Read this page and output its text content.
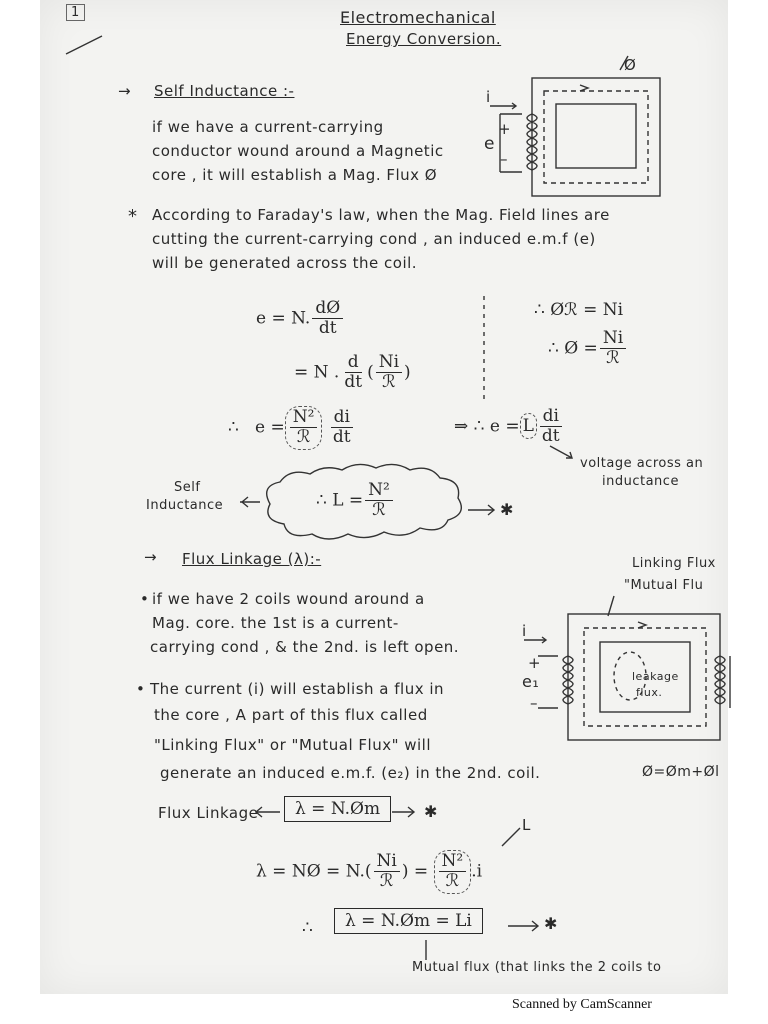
1	Electromechanical
Energy Conversion.
→ Self Inductance :-
if we have a current-carrying
conductor wound around a Magnetic
core , it will establish a Mag. Flux Ø
Ø
i
+
e
–
* According to Faraday's law, when the Mag. Field lines are
cutting the current-carrying cond , an induced e.m.f (e)
will be generated across the coil.
e = N. $\frac{dØ}{dt}$
= N . $\frac{d}{dt}$ ( $\frac{Ni}{\text{ℛ}}$ )
∴ $e = \frac{\text{N²}}{\text{ℛ}}$
$\frac{di}{dt}$
∴ Øℛ = Ni
∴ Ø = $\frac{Ni}{\text{ℛ}}$
⇒ ∴ e = L $\frac{di}{dt}$
voltage across an
inductance
Self
Inductance	∴ $L = \frac{\text{N²}}{\text{ℛ}}$	✱
→ Flux Linkage (λ):-
• if we have 2 coils wound around a
Mag. core. the 1st is a current-
carrying cond , & the 2nd. is left open.
• The current (i) will establish a flux in
the core , A part of this flux called
"Linking Flux" or "Mutual Flux" will
generate an induced e.m.f. (e₂) in the 2nd. coil.	Ø=Øm+Øl
Linking Flux
"Mutual Flu
i
+
e₁
–
leakage
flux.
Flux Linkage	λ = N.Øm	✱
λ = NØ = $N.( \frac{Ni}{\text{ℛ}}$ ) = $\frac{\text{N²}}{\text{ℛ}} .i$
L
∴	λ = N.Øm = Li	✱
Mutual flux (that links the 2 coils to
Scanned by CamScanner
